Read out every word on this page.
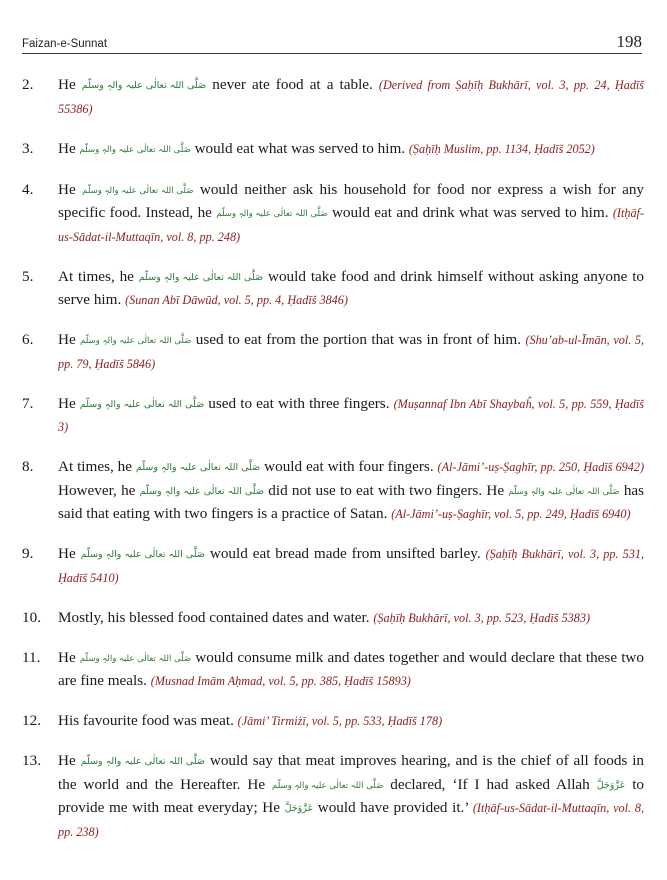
Faizan-e-Sunnat	198
2.	He صَلَّى اللہ تعالٰی علیہ والہٖ وسلّم never ate food at a table. (Derived from Ṣaḥīḥ Bukhārī, vol. 3, pp. 24, Ḥadīš 55386)
3.	He صَلَّى اللہ تعالٰی علیہ والہٖ وسلّم would eat what was served to him. (Ṣaḥīḥ Muslim, pp. 1134, Ḥadīš 2052)
4.	He صَلَّى اللہ تعالٰی علیہ والہٖ وسلّم would neither ask his household for food nor express a wish for any specific food. Instead, he صَلَّى اللہ تعالٰی علیہ والہٖ وسلّم would eat and drink what was served to him. (Itḥāf-us-Sādat-il-Muttaqīn, vol. 8, pp. 248)
5.	At times, he صَلَّى اللہ تعالٰی علیہ والہٖ وسلّم would take food and drink himself without asking anyone to serve him. (Sunan Abī Dāwūd, vol. 5, pp. 4, Ḥadīš 3846)
6.	He صَلَّى اللہ تعالٰی علیہ والہٖ وسلّم used to eat from the portion that was in front of him. (Shu’ab-ul-Īmān, vol. 5, pp. 79, Ḥadīš 5846)
7.	He صَلَّى اللہ تعالٰی علیہ والہٖ وسلّم used to eat with three fingers. (Muṣannaf Ibn Abī Shaybaĥ, vol. 5, pp. 559, Ḥadīš 3)
8.	At times, he صَلَّى اللہ تعالٰی علیہ والہٖ وسلّم would eat with four fingers. (Al-Jāmi’-uṣ-Ṣaghīr, pp. 250, Ḥadīš 6942) However, he صَلَّى اللہ تعالٰی علیہ والہٖ وسلّم did not use to eat with two fingers. He صَلَّى اللہ تعالٰی علیہ والہٖ وسلّم has said that eating with two fingers is a practice of Satan. (Al-Jāmi’-uṣ-Ṣaghīr, vol. 5, pp. 249, Ḥadīš 6940)
9.	He صَلَّى اللہ تعالٰی علیہ والہٖ وسلّم would eat bread made from unsifted barley. (Ṣaḥīḥ Bukhārī, vol. 3, pp. 531, Ḥadīš 5410)
10.	Mostly, his blessed food contained dates and water. (Ṣaḥīḥ Bukhārī, vol. 3, pp. 523, Ḥadīš 5383)
11.	He صَلَّى اللہ تعالٰی علیہ والہٖ وسلّم would consume milk and dates together and would declare that these two are fine meals. (Musnad Imām Aḥmad, vol. 5, pp. 385, Ḥadīš 15893)
12.	His favourite food was meat. (Jāmi’ Tirmiżī, vol. 5, pp. 533, Ḥadīš 178)
13.	He صَلَّى اللہ تعالٰی علیہ والہٖ وسلّم would say that meat improves hearing, and is the chief of all foods in the world and the Hereafter. He صَلَّى اللہ تعالٰی علیہ والہٖ وسلّم declared, ‘If I had asked Allah عَزَّوَجَلَّ to provide me with meat everyday; He عَزَّوَجَلَّ would have provided it.’ (Itḥāf-us-Sādat-il-Muttaqīn, vol. 8, pp. 238)
